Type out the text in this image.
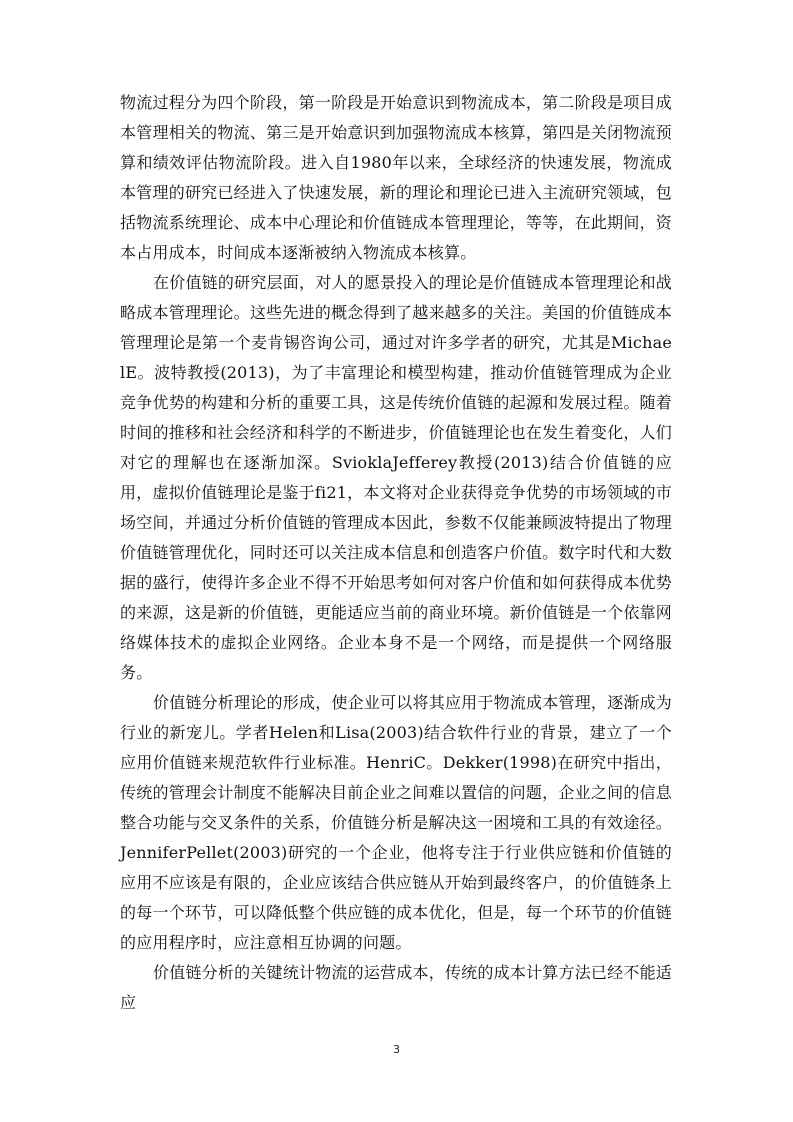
物流过程分为四个阶段，第一阶段是开始意识到物流成本，第二阶段是项目成本管理相关的物流、第三是开始意识到加强物流成本核算，第四是关闭物流预算和绩效评估物流阶段。进入自1980年以来，全球经济的快速发展，物流成本管理的研究已经进入了快速发展，新的理论和理论已进入主流研究领域，包括物流系统理论、成本中心理论和价值链成本管理理论，等等，在此期间，资本占用成本，时间成本逐渐被纳入物流成本核算。

在价值链的研究层面，对人的愿景投入的理论是价值链成本管理理论和战略成本管理理论。这些先进的概念得到了越来越多的关注。美国的价值链成本管理理论是第一个麦肯锡咨询公司，通过对许多学者的研究，尤其是MichaelE。波特教授(2013)，为了丰富理论和模型构建，推动价值链管理成为企业竞争优势的构建和分析的重要工具，这是传统价值链的起源和发展过程。随着时间的推移和社会经济和科学的不断进步，价值链理论也在发生着变化，人们对它的理解也在逐渐加深。SvioklaJefferey教授(2013)结合价值链的应用，虚拟价值链理论是鉴于fi21，本文将对企业获得竞争优势的市场领域的市场空间，并通过分析价值链的管理成本因此，参数不仅能兼顾波特提出了物理价值链管理优化，同时还可以关注成本信息和创造客户价值。数字时代和大数据的盛行，使得许多企业不得不开始思考如何对客户价值和如何获得成本优势的来源，这是新的价值链，更能适应当前的商业环境。新价值链是一个依靠网络媒体技术的虚拟企业网络。企业本身不是一个网络，而是提供一个网络服务。

价值链分析理论的形成，使企业可以将其应用于物流成本管理，逐渐成为行业的新宠儿。学者Helen和Lisa(2003)结合软件行业的背景，建立了一个应用价值链来规范软件行业标准。HenriC。Dekker(1998)在研究中指出，传统的管理会计制度不能解决目前企业之间难以置信的问题，企业之间的信息整合功能与交叉条件的关系，价值链分析是解决这一困境和工具的有效途径。JenniferPellet(2003)研究的一个企业，他将专注于行业供应链和价值链的应用不应该是有限的，企业应该结合供应链从开始到最终客户，的价值链条上的每一个环节，可以降低整个供应链的成本优化，但是，每一个环节的价值链的应用程序时，应注意相互协调的问题。

价值链分析的关键统计物流的运营成本，传统的成本计算方法已经不能适应

3
